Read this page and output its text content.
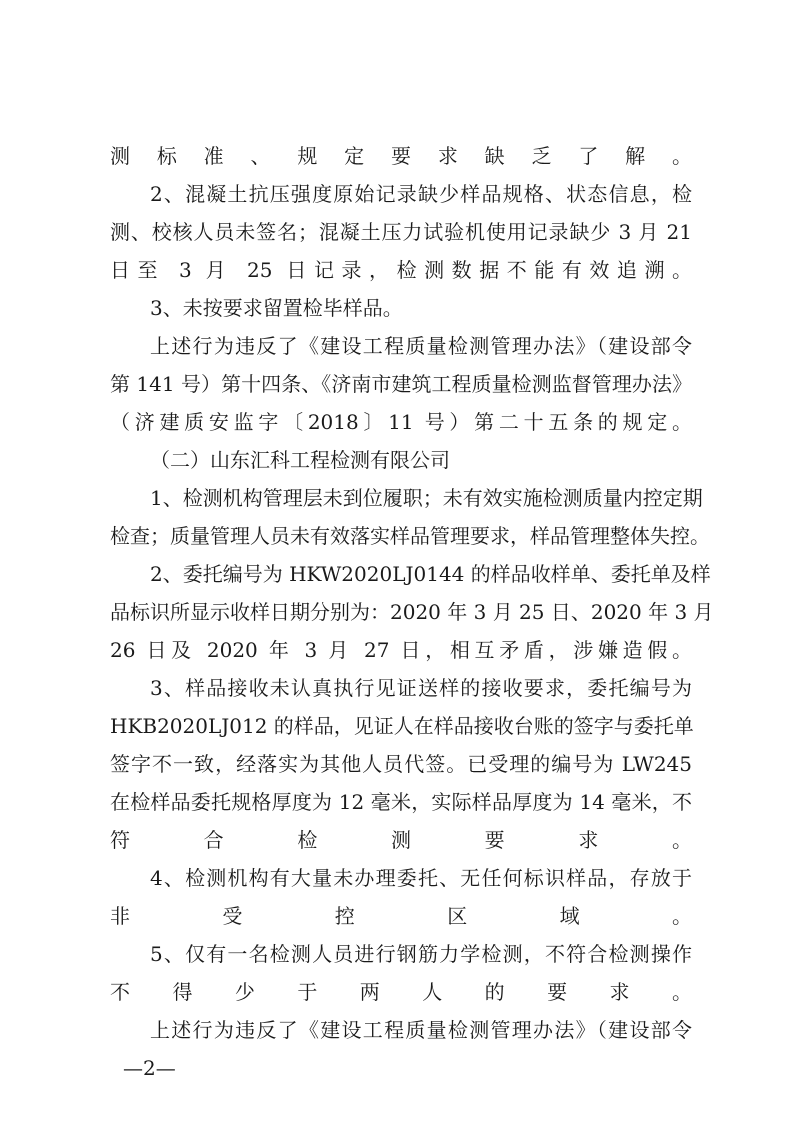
测标准、规定要求缺乏了解。
2、混凝土抗压强度原始记录缺少样品规格、状态信息，检
测、校核人员未签名；混凝土压力试验机使用记录缺少 3 月 21
日至 3 月 25 日记录，检测数据不能有效追溯。
3、未按要求留置检毕样品。
上述行为违反了《建设工程质量检测管理办法》（建设部令
第 141 号）第十四条、《济南市建筑工程质量检测监督管理办法》
（济建质安监字〔2018〕11 号）第二十五条的规定。
（二）山东汇科工程检测有限公司
1、检测机构管理层未到位履职；未有效实施检测质量内控定期
检查；质量管理人员未有效落实样品管理要求，样品管理整体失控。
2、委托编号为 HKW2020LJ0144 的样品收样单、委托单及样
品标识所显示收样日期分别为：2020 年 3 月 25 日、2020 年 3 月
26 日及 2020 年 3 月 27 日，相互矛盾，涉嫌造假。
3、样品接收未认真执行见证送样的接收要求，委托编号为
HKB2020LJ012 的样品，见证人在样品接收台账的签字与委托单
签字不一致，经落实为其他人员代签。已受理的编号为 LW245
在检样品委托规格厚度为 12 毫米，实际样品厚度为 14 毫米，不
符合检测要求。
4、检测机构有大量未办理委托、无任何标识样品，存放于
非受控区域。
5、仅有一名检测人员进行钢筋力学检测，不符合检测操作
不得少于两人的要求。
上述行为违反了《建设工程质量检测管理办法》（建设部令
—2—
